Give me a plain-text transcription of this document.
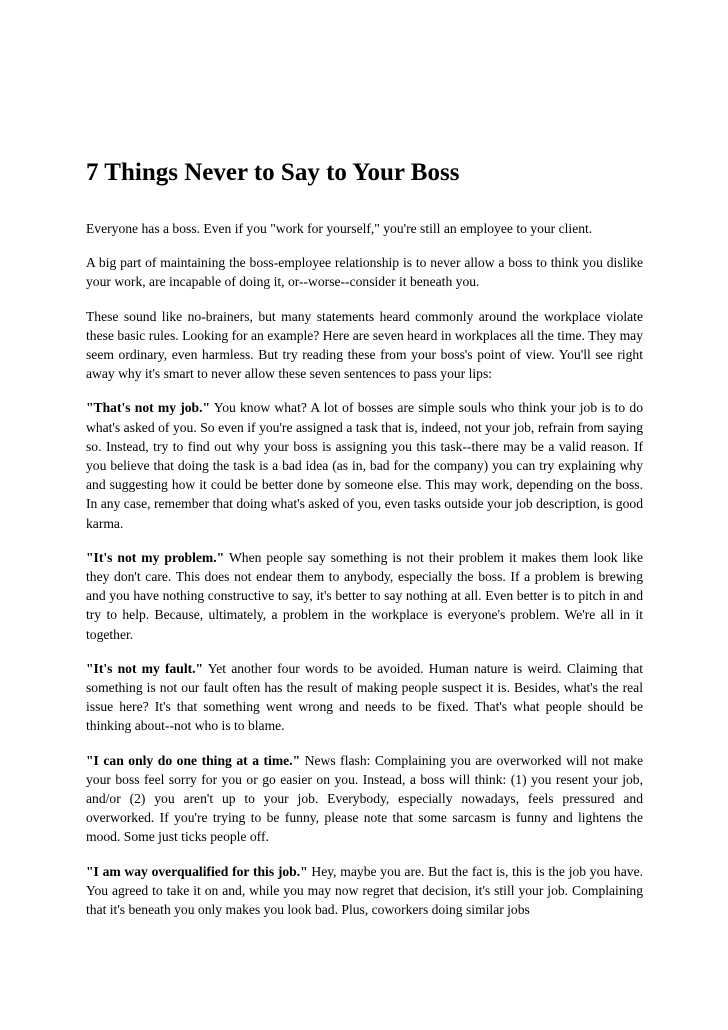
7 Things Never to Say to Your Boss

Everyone has a boss. Even if you "work for yourself," you're still an employee to your client.

A big part of maintaining the boss-employee relationship is to never allow a boss to think you dislike your work, are incapable of doing it, or--worse--consider it beneath you.

These sound like no-brainers, but many statements heard commonly around the workplace violate these basic rules. Looking for an example? Here are seven heard in workplaces all the time. They may seem ordinary, even harmless. But try reading these from your boss's point of view. You'll see right away why it's smart to never allow these seven sentences to pass your lips:

"That's not my job." You know what? A lot of bosses are simple souls who think your job is to do what's asked of you. So even if you're assigned a task that is, indeed, not your job, refrain from saying so. Instead, try to find out why your boss is assigning you this task--there may be a valid reason. If you believe that doing the task is a bad idea (as in, bad for the company) you can try explaining why and suggesting how it could be better done by someone else. This may work, depending on the boss. In any case, remember that doing what's asked of you, even tasks outside your job description, is good karma.

"It's not my problem." When people say something is not their problem it makes them look like they don't care. This does not endear them to anybody, especially the boss. If a problem is brewing and you have nothing constructive to say, it's better to say nothing at all. Even better is to pitch in and try to help. Because, ultimately, a problem in the workplace is everyone's problem. We're all in it together.

"It's not my fault." Yet another four words to be avoided. Human nature is weird. Claiming that something is not our fault often has the result of making people suspect it is. Besides, what's the real issue here? It's that something went wrong and needs to be fixed. That's what people should be thinking about--not who is to blame.

"I can only do one thing at a time." News flash: Complaining you are overworked will not make your boss feel sorry for you or go easier on you. Instead, a boss will think: (1) you resent your job, and/or (2) you aren't up to your job. Everybody, especially nowadays, feels pressured and overworked. If you're trying to be funny, please note that some sarcasm is funny and lightens the mood. Some just ticks people off.

"I am way overqualified for this job." Hey, maybe you are. But the fact is, this is the job you have. You agreed to take it on and, while you may now regret that decision, it's still your job. Complaining that it's beneath you only makes you look bad. Plus, coworkers doing similar jobs
